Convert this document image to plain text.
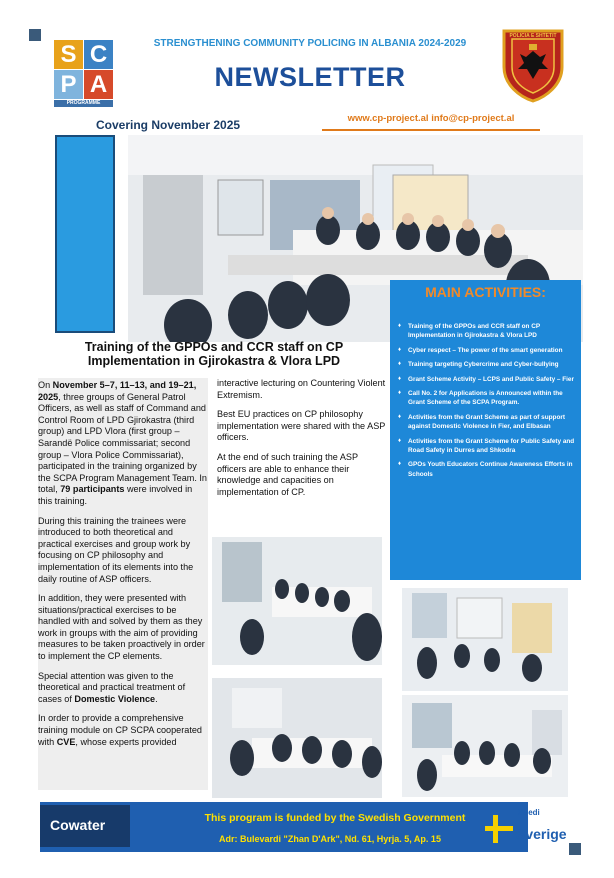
S C
P A
PROGRAMME
STRENGTHENING COMMUNITY POLICING IN ALBANIA 2024-2029
NEWSLETTER
POLICIA E SHTETIT
Covering November 2025	www.cp-project.al info@cp-project.al
MAIN ACTIVITIES:
♦ Training of the GPPOs and CCR staff on CP Implementation in Gjirokastra & Vlora LPD
♦ Cyber respect – The power of the smart generation
♦ Training targeting Cybercrime and Cyber-bullying
♦ Grant Scheme Activity – LCPS and Public Safety – Fier
♦ Call No. 2 for Applications is Announced within the Grant Scheme of the SCPA Program.
♦ Activities from the Grant Scheme as part of support against Domestic Violence in Fier, and Elbasan
♦ Activities from the Grant Scheme for Public Safety and Road Safety in Durres and Shkodra
♦ GPOs Youth Educators Continue Awareness Efforts in Schools
Training of the GPPOs and CCR staff on CP Implementation in Gjirokastra & Vlora LPD

On November 5–7, 11–13, and 19–21, 2025, three groups of General Patrol Officers, as well as staff of Command and Control Room of LPD Gjirokastra (third group) and LPD Vlora (first group – Sarandë Police commissariat; second group – Vlora Police Commissariat), participated in the training organized by the SCPA Program Management Team. In total, 79 participants were involved in this training.

During this training the trainees were introduced to both theoretical and practical exercises and group work by focusing on CP philosophy and implementation of its elements into the daily routine of ASP officers.

In addition, they were presented with situations/practical exercises to be handled with and solved by them as they work in groups with the aim of providing measures to be taken proactively in order to implement the CP elements.

Special attention was given to the theoretical and practical treatment of cases of Domestic Violence.

In order to provide a comprehensive training module on CP SCPA cooperated with CVE, whose experts provided

interactive lecturing on Countering Violent Extremism.

Best EU practices on CP philosophy implementation were shared with the ASP officers.

At the end of such training the ASP officers are able to enhance their knowledge and capacities on implementation of CP.

Cowater	This program is funded by the Swedish Government
Adr: Bulevardi "Zhan D'Ark", Nd. 61, Hyrja. 5, Ap. 15
Suedi
Sverige
